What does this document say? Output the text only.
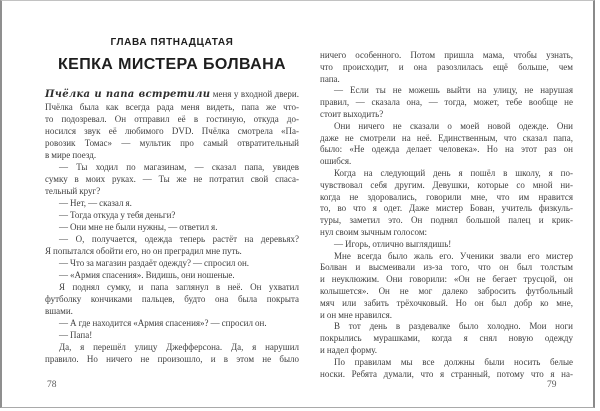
ГЛАВА ПЯТНАДЦАТАЯ
КЕПКА МИСТЕРА БОЛВАНА
Пчёлка и папа встретили меня у входной двери.
Пчёлка была как всегда рада меня видеть, папа же что-
то подозревал. Он отправил её в гостиную, откуда до-
носился звук её любимого DVD. Пчёлка смотрела «Па-
ровозик Томас» — мультик про самый отвратительный
в мире поезд.
— Ты ходил по магазинам, — сказал папа, увидев
сумку в моих руках. — Ты же не потратил свой спаса-
тельный круг?
— Нет, — сказал я.
— Тогда откуда у тебя деньги?
— Они мне не были нужны, — ответил я.
— О, получается, одежда теперь растёт на деревьях?
Я попытался обойти его, но он преградил мне путь.
— Что за магазин раздаёт одежду? — спросил он.
— «Армия спасения». Видишь, они ношеные.
Я поднял сумку, и папа заглянул в неё. Он ухватил
футболку кончиками пальцев, будто она была покрыта
вшами.
— А где находится «Армия спасения»? — спросил он.
— Папа!
Да, я перешёл улицу Джефферсона. Да, я нарушил
правило. Но ничего не произошло, и в этом не было
ничего особенного. Потом пришла мама, чтобы узнать,
что происходит, и она разозлилась ещё больше, чем
папа.
— Если ты не можешь выйти на улицу, не нарушая
правил, — сказала она, — тогда, может, тебе вообще не
стоит выходить?
Они ничего не сказали о моей новой одежде. Они
даже не смотрели на неё. Единственным, что сказал папа,
было: «Не одежда делает человека». Но на этот раз он
ошибся.
Когда на следующий день я пошёл в школу, я по-
чувствовал себя другим. Девушки, которые со мной ни-
когда не здоровались, говорили мне, что им нравится
то, во что я одет. Даже мистер Бован, учитель физкуль-
туры, заметил это. Он поднял большой палец и крик-
нул своим зычным голосом:
— Игорь, отлично выглядишь!
Мне всегда было жаль его. Ученики звали его мистер
Болван и высмеивали из-за того, что он был толстым
и неуклюжим. Они говорили: «Он не бегает трусцой, он
колышется». Он не мог далеко забросить футбольный
мяч или забить трёхочковый. Но он был добр ко мне,
и он мне нравился.
В тот день в раздевалке было холодно. Мои ноги
покрылись мурашками, когда я снял новую одежду
и надел форму.
По правилам мы все должны были носить белые
носки. Ребята думали, что я странный, потому что я на-
78	79
